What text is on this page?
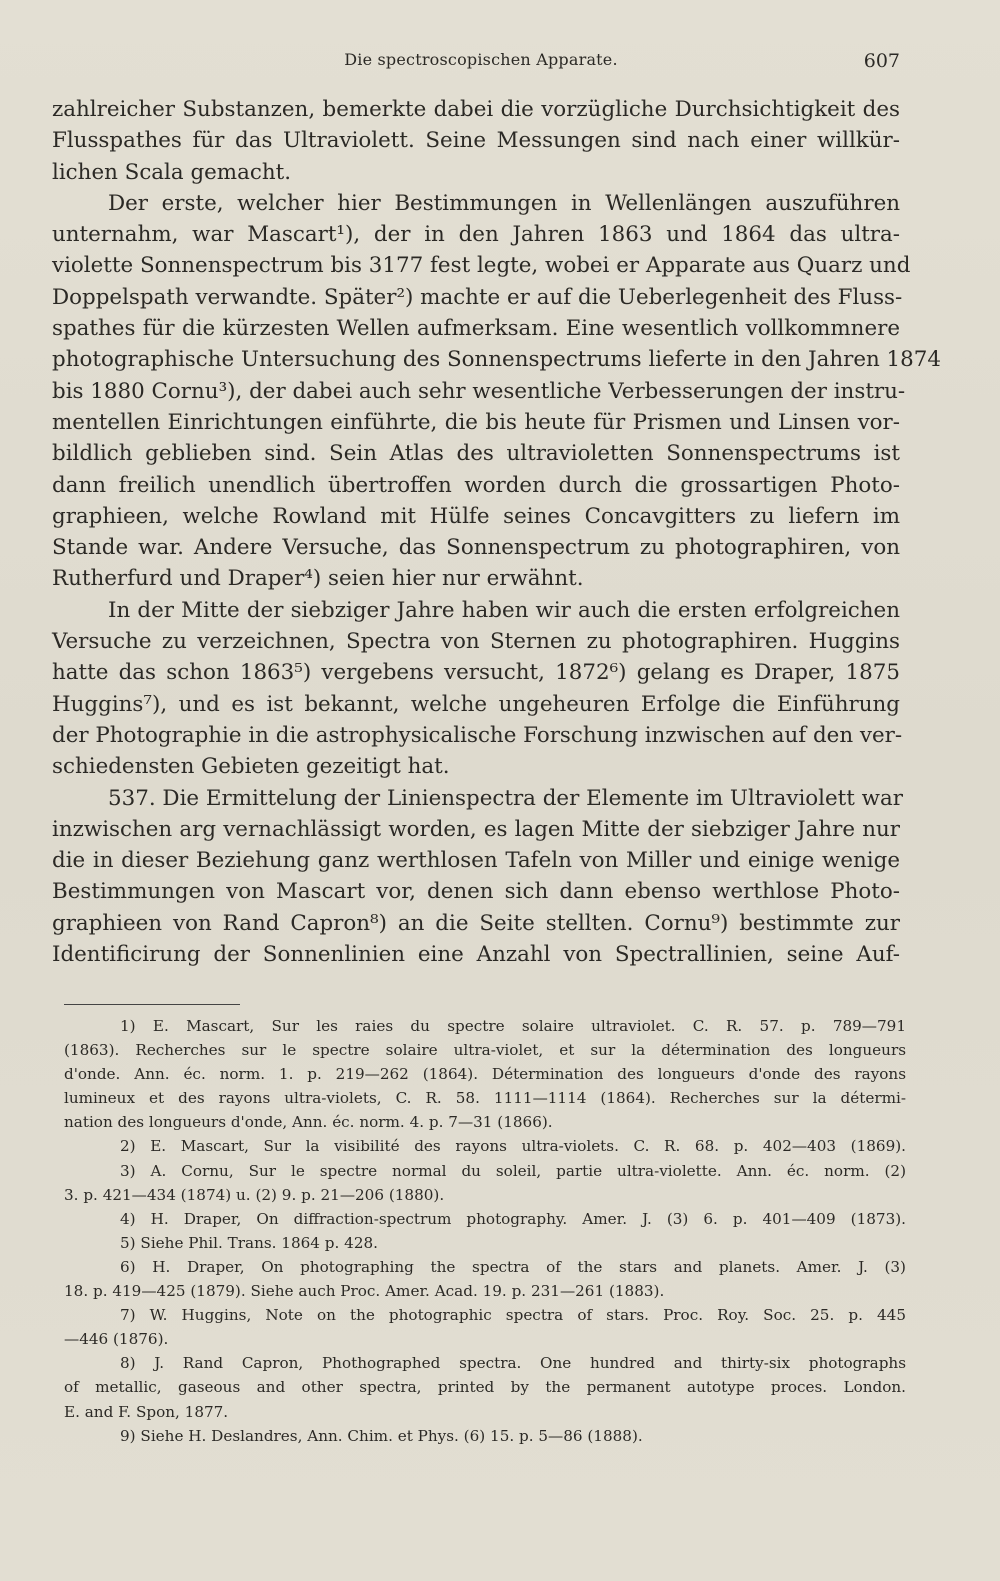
Die spectroscopischen Apparate.	607
zahlreicher Substanzen, bemerkte dabei die vorzügliche Durchsichtigkeit des
Flusspathes für das Ultraviolett. Seine Messungen sind nach einer willkür-
lichen Scala gemacht.
Der erste, welcher hier Bestimmungen in Wellenlängen auszuführen
unternahm, war Mascart¹), der in den Jahren 1863 und 1864 das ultra-
violette Sonnenspectrum bis 3177 fest legte, wobei er Apparate aus Quarz und
Doppelspath verwandte. Später²) machte er auf die Ueberlegenheit des Fluss-
spathes für die kürzesten Wellen aufmerksam. Eine wesentlich vollkommnere
photographische Untersuchung des Sonnenspectrums lieferte in den Jahren 1874
bis 1880 Cornu³), der dabei auch sehr wesentliche Verbesserungen der instru-
mentellen Einrichtungen einführte, die bis heute für Prismen und Linsen vor-
bildlich geblieben sind. Sein Atlas des ultravioletten Sonnenspectrums ist
dann freilich unendlich übertroffen worden durch die grossartigen Photo-
graphieen, welche Rowland mit Hülfe seines Concavgitters zu liefern im
Stande war. Andere Versuche, das Sonnenspectrum zu photographiren, von
Rutherfurd und Draper⁴) seien hier nur erwähnt.
In der Mitte der siebziger Jahre haben wir auch die ersten erfolgreichen
Versuche zu verzeichnen, Spectra von Sternen zu photographiren. Huggins
hatte das schon 1863⁵) vergebens versucht, 1872⁶) gelang es Draper, 1875
Huggins⁷), und es ist bekannt, welche ungeheuren Erfolge die Einführung
der Photographie in die astrophysicalische Forschung inzwischen auf den ver-
schiedensten Gebieten gezeitigt hat.
537. Die Ermittelung der Linienspectra der Elemente im Ultraviolett war
inzwischen arg vernachlässigt worden, es lagen Mitte der siebziger Jahre nur
die in dieser Beziehung ganz werthlosen Tafeln von Miller und einige wenige
Bestimmungen von Mascart vor, denen sich dann ebenso werthlose Photo-
graphieen von Rand Capron⁸) an die Seite stellten. Cornu⁹) bestimmte zur
Identificirung der Sonnenlinien eine Anzahl von Spectrallinien, seine Auf-
1) E. Mascart, Sur les raies du spectre solaire ultraviolet. C. R. 57. p. 789—791
(1863). Recherches sur le spectre solaire ultra-violet, et sur la détermination des longueurs
d'onde. Ann. éc. norm. 1. p. 219—262 (1864). Détermination des longueurs d'onde des rayons
lumineux et des rayons ultra-violets, C. R. 58. 1111—1114 (1864). Recherches sur la détermi-
nation des longueurs d'onde, Ann. éc. norm. 4. p. 7—31 (1866).
2) E. Mascart, Sur la visibilité des rayons ultra-violets. C. R. 68. p. 402—403 (1869).
3) A. Cornu, Sur le spectre normal du soleil, partie ultra-violette. Ann. éc. norm. (2)
3. p. 421—434 (1874) u. (2) 9. p. 21—206 (1880).
4) H. Draper, On diffraction-spectrum photography. Amer. J. (3) 6. p. 401—409 (1873).
5) Siehe Phil. Trans. 1864 p. 428.
6) H. Draper, On photographing the spectra of the stars and planets. Amer. J. (3)
18. p. 419—425 (1879). Siehe auch Proc. Amer. Acad. 19. p. 231—261 (1883).
7) W. Huggins, Note on the photographic spectra of stars. Proc. Roy. Soc. 25. p. 445
—446 (1876).
8) J. Rand Capron, Phothographed spectra. One hundred and thirty-six photographs
of metallic, gaseous and other spectra, printed by the permanent autotype proces. London.
E. and F. Spon, 1877.
9) Siehe H. Deslandres, Ann. Chim. et Phys. (6) 15. p. 5—86 (1888).
